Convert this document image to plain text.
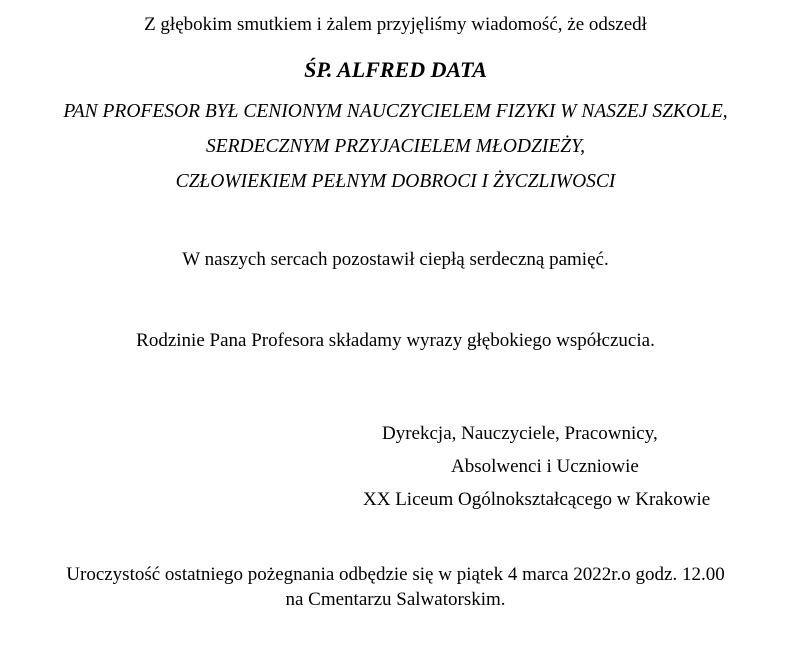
Z głębokim smutkiem i żalem przyjęliśmy wiadomość, że odszedł

ŚP. ALFRED DATA

PAN PROFESOR BYŁ CENIONYM NAUCZYCIELEM FIZYKI W NASZEJ SZKOLE,

SERDECZNYM PRZYJACIELEM MŁODZIEŻY,

CZŁOWIEKIEM PEŁNYM DOBROCI I ŻYCZLIWOSCI

W naszych sercach pozostawił ciepłą serdeczną pamięć.

Rodzinie Pana Profesora składamy wyrazy głębokiego współczucia.

Dyrekcja, Nauczyciele, Pracownicy,

Absolwenci i Uczniowie

XX Liceum Ogólnokształcącego w Krakowie

Uroczystość ostatniego pożegnania odbędzie się w piątek 4 marca 2022r.o godz. 12.00

na Cmentarzu Salwatorskim.
